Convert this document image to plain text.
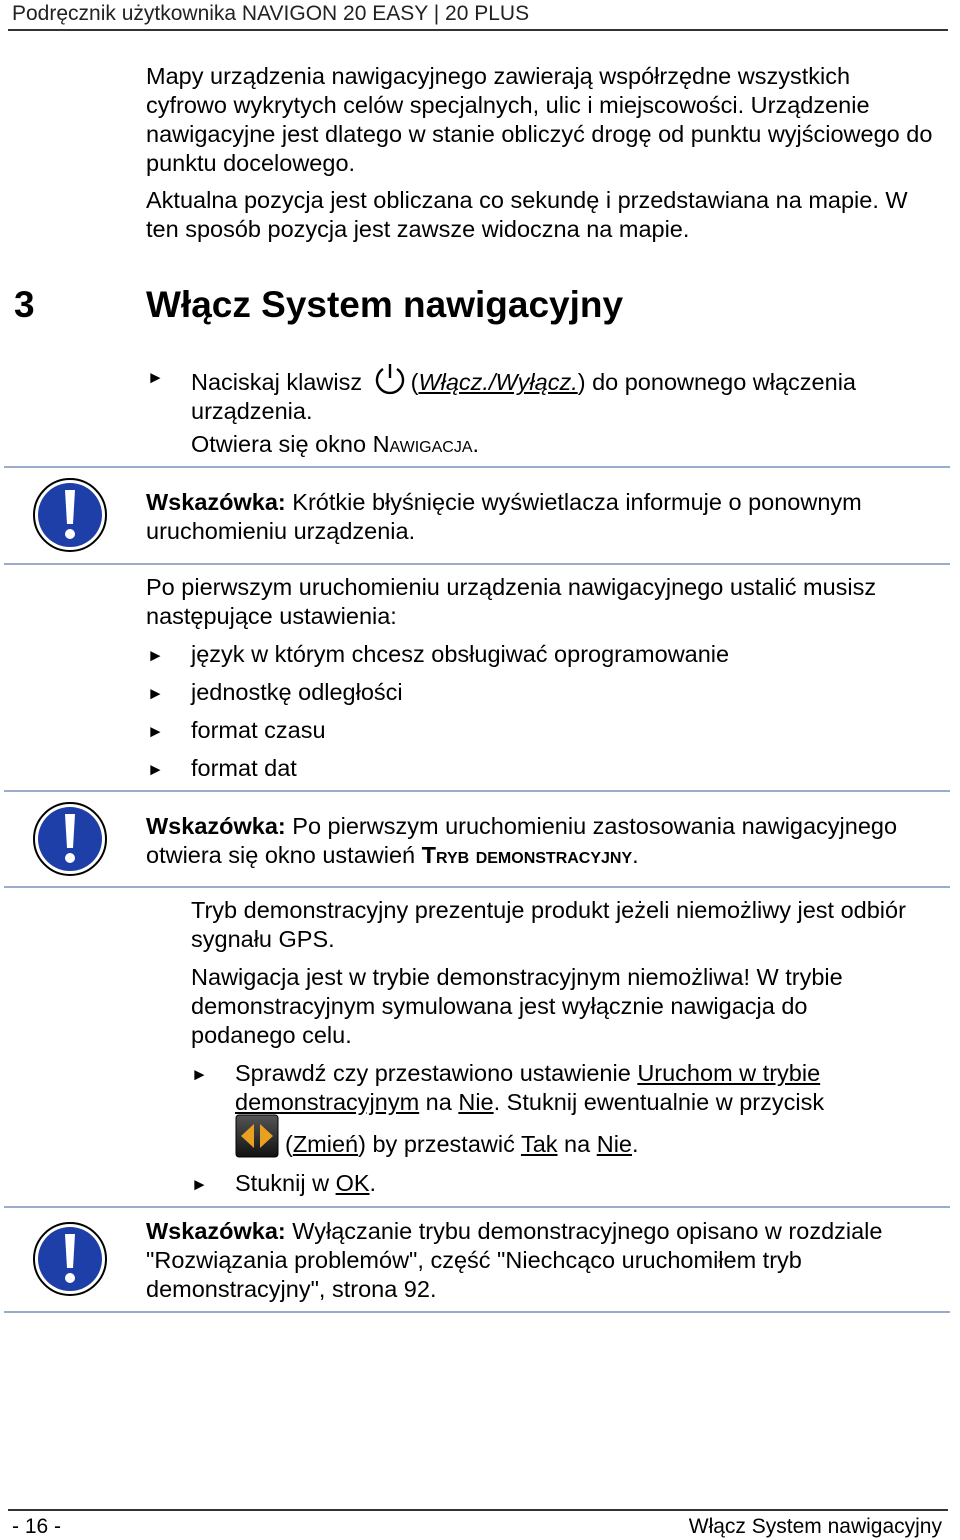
Podręcznik użytkownika NAVIGON 20 EASY | 20 PLUS

Mapy urządzenia nawigacyjnego zawierają współrzędne wszystkich cyfrowo wykrytych celów specjalnych, ulic i miejscowości. Urządzenie nawigacyjne jest dlatego w stanie obliczyć drogę od punktu wyjściowego do punktu docelowego.

Aktualna pozycja jest obliczana co sekundę i przedstawiana na mapie. W ten sposób pozycja jest zawsze widoczna na mapie.

3	Włącz System nawigacyjny
► Naciskaj klawisz (Włącz./Wyłącz.) do ponownego włączenia urządzenia.
Otwiera się okno Nawigacja.
Wskazówka: Krótkie błyśnięcie wyświetlacza informuje o ponownym uruchomieniu urządzenia.
Po pierwszym uruchomieniu urządzenia nawigacyjnego ustalić musisz następujące ustawienia:
► język w którym chcesz obsługiwać oprogramowanie
► jednostkę odległości
► format czasu
► format dat
Wskazówka: Po pierwszym uruchomieniu zastosowania nawigacyjnego otwiera się okno ustawień Tryb demonstracyjny.
Tryb demonstracyjny prezentuje produkt jeżeli niemożliwy jest odbiór sygnału GPS.
Nawigacja jest w trybie demonstracyjnym niemożliwa! W trybie demonstracyjnym symulowana jest wyłącznie nawigacja do podanego celu.
► Sprawdź czy przestawiono ustawienie Uruchom w trybie demonstracyjnym na Nie. Stuknij ewentualnie w przycisk
(Zmień) by przestawić Tak na Nie.
► Stuknij w OK.
Wskazówka: Wyłączanie trybu demonstracyjnego opisano w rozdziale "Rozwiązania problemów", część "Niechcąco uruchomiłem tryb demonstracyjny", strona 92.
- 16 -	Włącz System nawigacyjny
